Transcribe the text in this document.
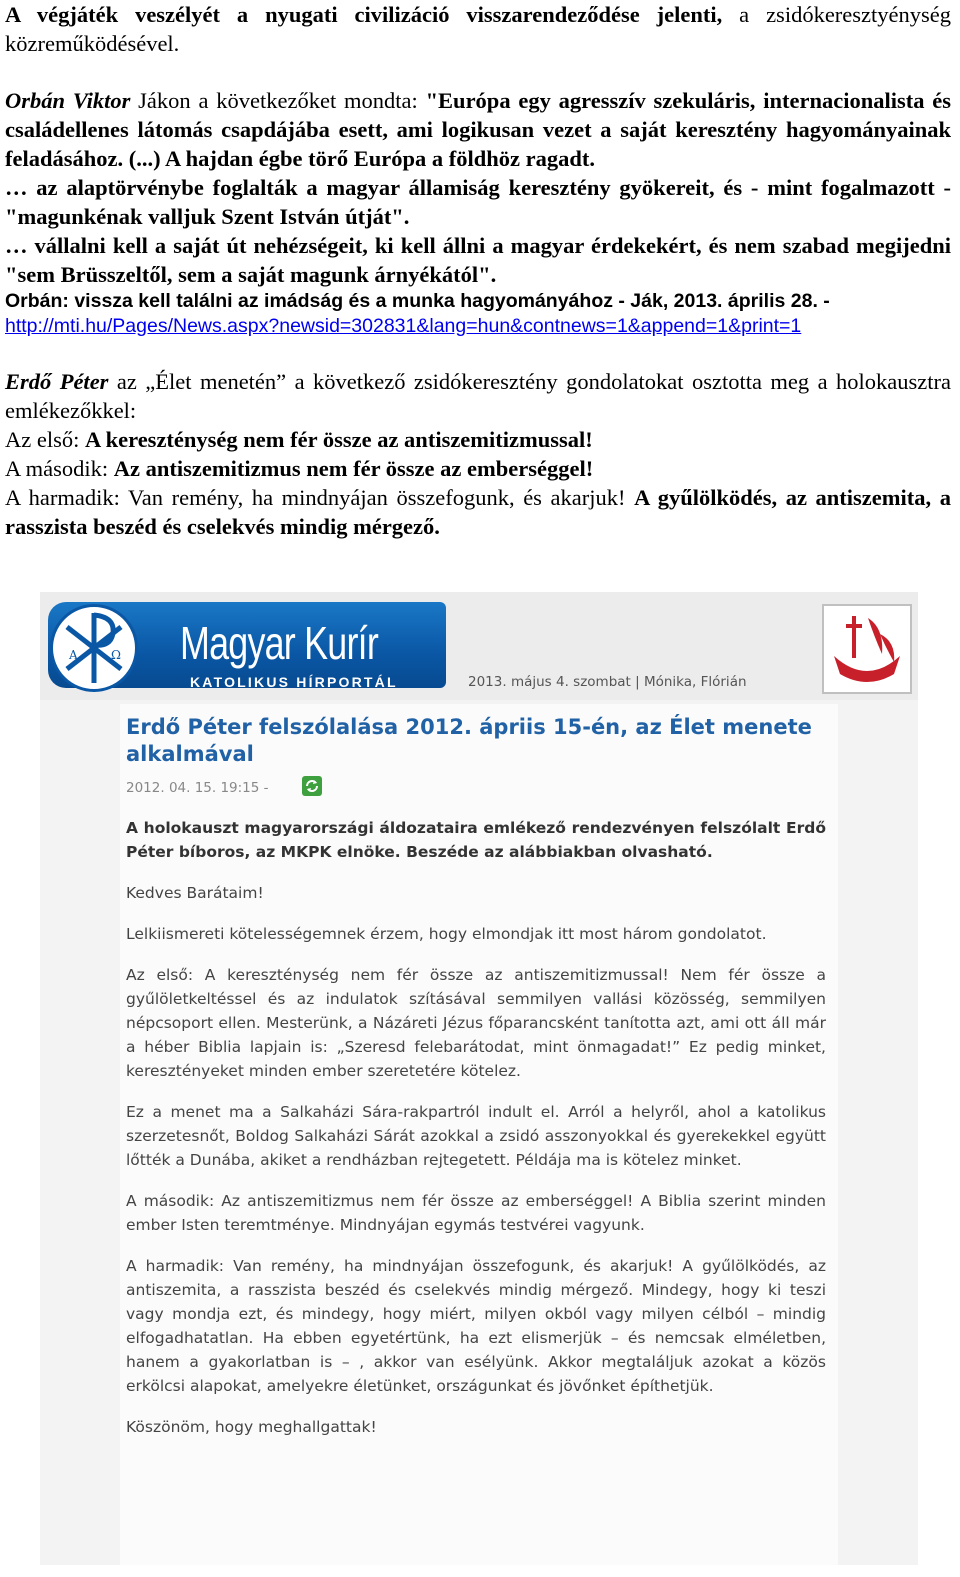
A végjáték veszélyét a nyugati civilizáció visszarendeződése jelenti, a zsidókeresztyénység közreműködésével.

Orbán Viktor Jákon a következőket mondta: "Európa egy agresszív szekuláris, internacionalista és családellenes látomás csapdájába esett, ami logikusan vezet a saját keresztény hagyományainak feladásához. (...) A hajdan égbe törő Európa a földhöz ragadt.

… az alaptörvénybe foglalták a magyar államiság keresztény gyökereit, és - mint fogalmazott - "magunkénak valljuk Szent István útját".

… vállalni kell a saját út nehézségeit, ki kell állni a magyar érdekekért, és nem szabad megijedni "sem Brüsszeltől, sem a saját magunk árnyékától".

Orbán: vissza kell találni az imádság és a munka hagyományához - Ják, 2013. április 28. -

http://mti.hu/Pages/News.aspx?newsid=302831&lang=hun&contnews=1&append=1&print=1

Erdő Péter az „Élet menetén” a következő zsidókeresztény gondolatokat osztotta meg a holokausztra emlékezőkkel:

Az első: A kereszténység nem fér össze az antiszemitizmussal!

A második: Az antiszemitizmus nem fér össze az emberséggel!

A harmadik: Van remény, ha mindnyájan összefogunk, és akarjuk! A gyűlölködés, az antiszemita, a rasszista beszéd és cselekvés mindig mérgező.

A	Ω Magyar Kurír
KATOLIKUS HÍRPORTÁL	2013. május 4. szombat | Mónika, Flórián
Erdő Péter felszólalása 2012. ápriis 15-én, az Élet menete alkalmával
2012. 04. 15. 19:15 -

A holokauszt magyarországi áldozataira emlékező rendezvényen felszólalt Erdő Péter bíboros, az MKPK elnöke. Beszéde az alábbiakban olvasható.

Kedves Barátaim!

Lelkiismereti kötelességemnek érzem, hogy elmondjak itt most három gondolatot.

Az első: A kereszténység nem fér össze az antiszemitizmussal! Nem fér össze a gyűlöletkeltéssel és az indulatok szításával semmilyen vallási közösség, semmilyen népcsoport ellen. Mesterünk, a Názáreti Jézus főparancsként tanította azt, ami ott áll már a héber Biblia lapjain is: „Szeresd felebarátodat, mint önmagadat!” Ez pedig minket, keresztényeket minden ember szeretetére kötelez.

Ez a menet ma a Salkaházi Sára-rakpartról indult el. Arról a helyről, ahol a katolikus szerzetesnőt, Boldog Salkaházi Sárát azokkal a zsidó asszonyokkal és gyerekekkel együtt lőtték a Dunába, akiket a rendházban rejtegetett. Példája ma is kötelez minket.

A második: Az antiszemitizmus nem fér össze az emberséggel! A Biblia szerint minden ember Isten teremtménye. Mindnyájan egymás testvérei vagyunk.

A harmadik: Van remény, ha mindnyájan összefogunk, és akarjuk! A gyűlölködés, az antiszemita, a rasszista beszéd és cselekvés mindig mérgező. Mindegy, hogy ki teszi vagy mondja ezt, és mindegy, hogy miért, milyen okból vagy milyen célból – mindig elfogadhatatlan. Ha ebben egyetértünk, ha ezt elismerjük – és nemcsak elméletben, hanem a gyakorlatban is – , akkor van esélyünk. Akkor megtaláljuk azokat a közös erkölcsi alapokat, amelyekre életünket, országunkat és jövőnket építhetjük.

Köszönöm, hogy meghallgattak!
